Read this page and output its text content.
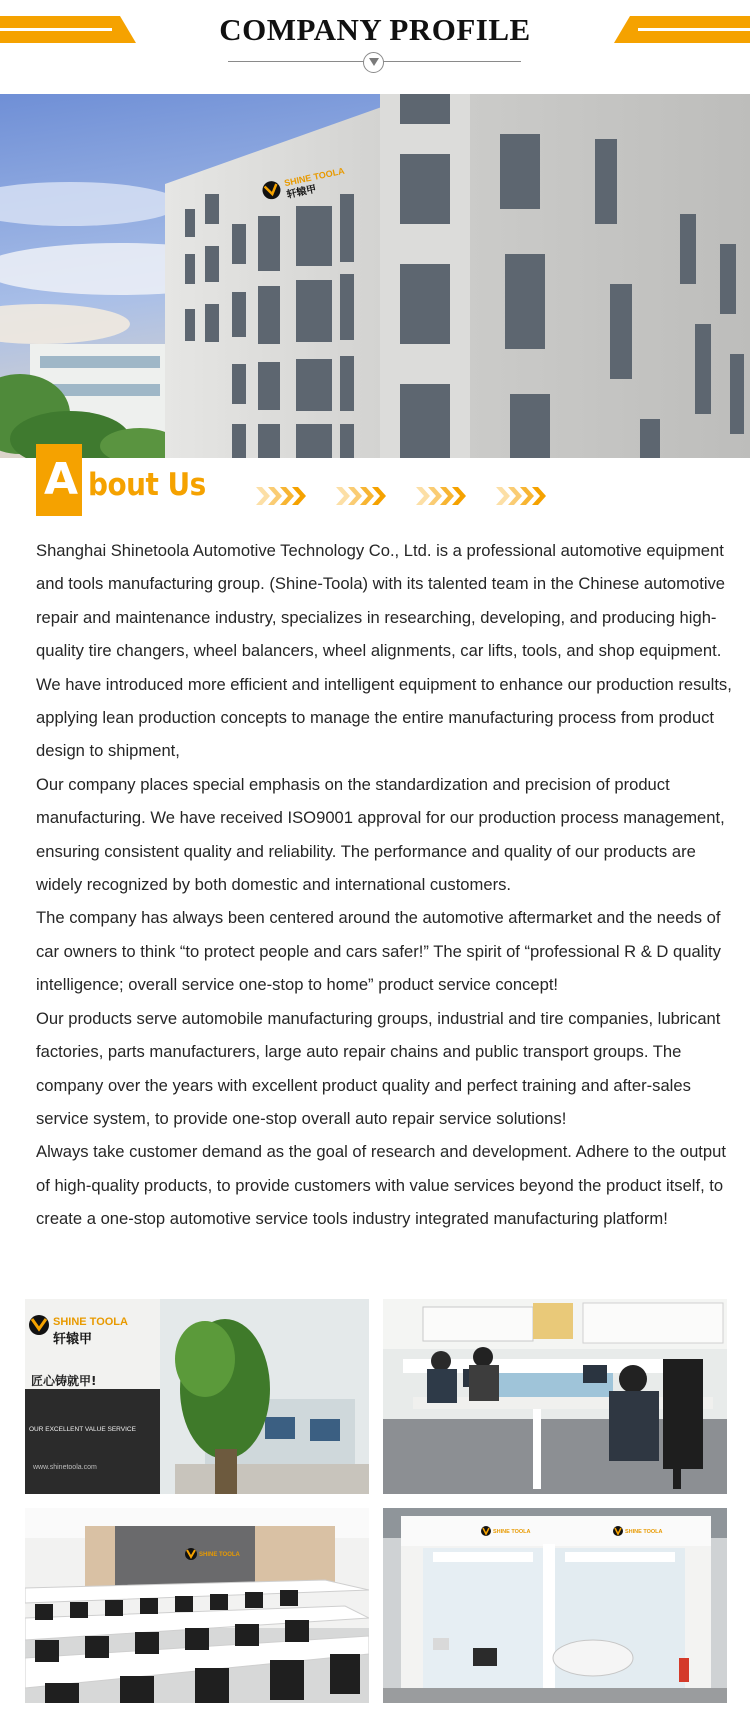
COMPANY PROFILE
SHINE TOOLA
轩辕甲
A bout Us

Shanghai Shinetoola Automotive Technology Co., Ltd. is a professional automotive equipment and tools manufacturing group. (Shine-Toola) with its talented team in the Chinese automotive repair and maintenance industry, specializes in researching, developing, and producing high-quality tire changers, wheel balancers, wheel alignments, car lifts, tools, and shop equipment. We have introduced more efficient and intelligent equipment to enhance our production results, applying lean production concepts to manage the entire manufacturing process from product design to shipment,

Our company places special emphasis on the standardization and precision of product manufacturing. We have received ISO9001 approval for our production process management, ensuring consistent quality and reliability. The performance and quality of our products are widely recognized by both domestic and international customers.

The company has always been centered around the automotive aftermarket and the needs of car owners to think “to protect people and cars safer!” The spirit of “professional R & D quality intelligence; overall service one-stop to home” product service concept!

Our products serve automobile manufacturing groups, industrial and tire companies, lubricant factories, parts manufacturers, large auto repair chains and public transport groups. The company over the years with excellent product quality and perfect training and after-sales service system, to provide one-stop overall auto repair service solutions!

Always take customer demand as the goal of research and development. Adhere to the output of high-quality products, to provide customers with value services beyond the product itself, to create a one-stop automotive service tools industry integrated manufacturing platform!

SHINE TOOLA
轩辕甲
匠心铸就甲!
OUR EXCELLENT VALUE SERVICE
www.shinetoola.com
SHINE TOOLA
SHINE TOOLA	SHINE TOOLA
